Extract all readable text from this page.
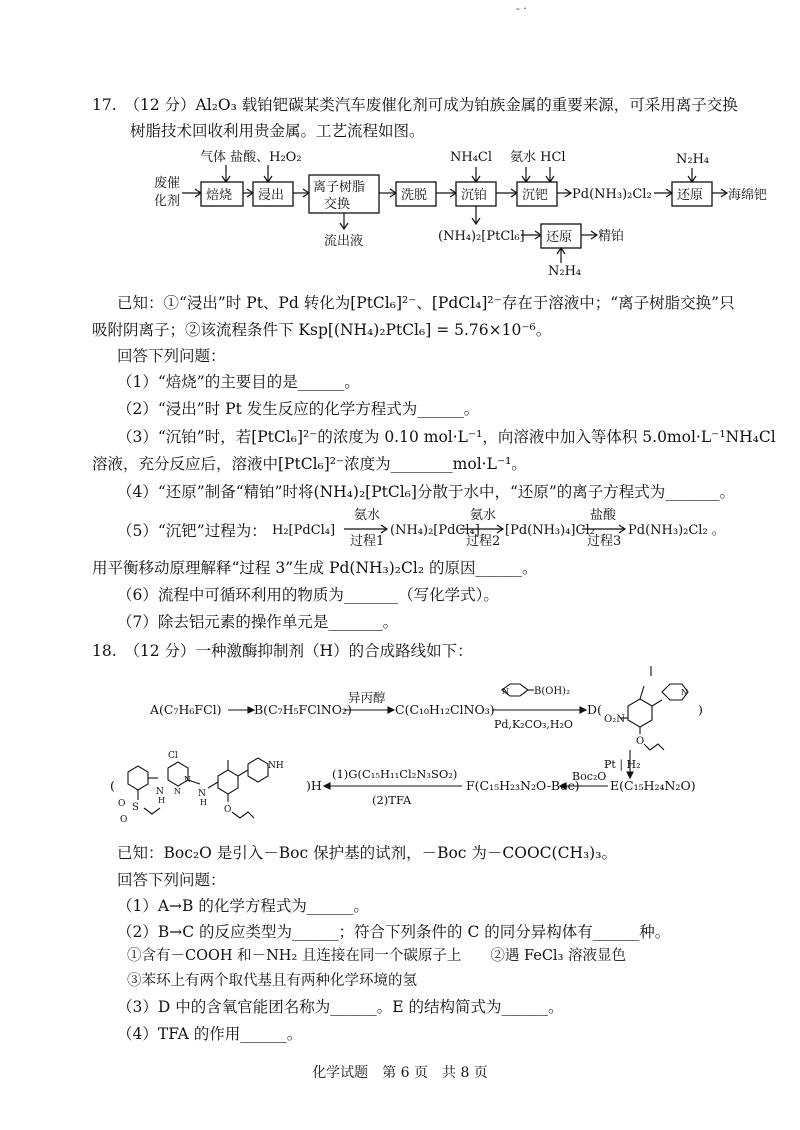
- ·
17.　（12 分）Al₂O₃ 载铂钯碳某类汽车废催化剂可成为铂族金属的重要来源，可采用离子交换
树脂技术回收利用贵金属。工艺流程如图。
废催
化剂
气体 盐酸、H₂O₂
焙烧 浸出
离子树脂
交换
流出液
洗脱
NH₄Cl
沉铂
氨水 HCl
沉钯 Pd(NH₃)₂Cl₂
N₂H₄
还原 海绵钯
(NH₄)₂[PtCl₆] 还原 精铂
N₂H₄
已知：①“浸出”时 Pt、Pd 转化为[PtCl₆]²⁻、[PdCl₄]²⁻存在于溶液中；“离子树脂交换”只
吸附阴离子；②该流程条件下 Ksp[(NH₄)₂PtCl₆] = 5.76×10⁻⁶。
回答下列问题：
（1）“焙烧”的主要目的是______。
（2）“浸出”时 Pt 发生反应的化学方程式为______。
（3）“沉铂”时，若[PtCl₆]²⁻的浓度为 0.10 mol·L⁻¹，向溶液中加入等体积 5.0mol·L⁻¹NH₄Cl
溶液，充分反应后，溶液中[PtCl₆]²⁻浓度为________mol·L⁻¹。
（4）“还原”制备“精铂”时将(NH₄)₂[PtCl₆]分散于水中，“还原”的离子方程式为_______。
（5）“沉钯”过程为： H₂[PdCl₄]
氨水
过程1
(NH₄)₂[PdCl₄]
氨水
过程2
[Pd(NH₃)₄]Cl₂
盐酸
过程3
Pd(NH₃)₂Cl₂ 。
用平衡移动原理解释“过程 3”生成 Pd(NH₃)₂Cl₂ 的原因______。
（6）流程中可循环利用的物质为_______（写化学式）。
（7）除去铝元素的操作单元是_______。
18.　（12 分）一种激酶抑制剂（H）的合成路线如下：
A(C₇H₆FCl)	B(C₇H₅FClNO₂)
异丙醇
C(C₁₀H₁₂ClNO₃)
N	B(OH)₂
Pd,K₂CO₃,H₂O
D(
N
O₂N
O
)
Pt | H₂
E(C₁₅H₂₄N₂O)
Boc₂O
F(C₁₅H₂₃N₂O-Boc)
(1)G(C₁₅H₁₁Cl₂N₃SO₂)
(2)TFA
)H
(
S
O
O
N
H
Cl
N
N N
H
NH
O
已知：Boc₂O 是引入－Boc 保护基的试剂，－Boc 为－COOC(CH₃)₃。
回答下列问题：
（1）A→B 的化学方程式为______。
（2）B→C 的反应类型为______；符合下列条件的 C 的同分异构体有______种。
①含有－COOH 和－NH₂ 且连接在同一个碳原子上　　②遇 FeCl₃ 溶液显色
③苯环上有两个取代基且有两种化学环境的氢
（3）D 中的含氧官能团名称为______。E 的结构简式为______。
（4）TFA 的作用______。
化学试题　第 6 页　共 8 页
